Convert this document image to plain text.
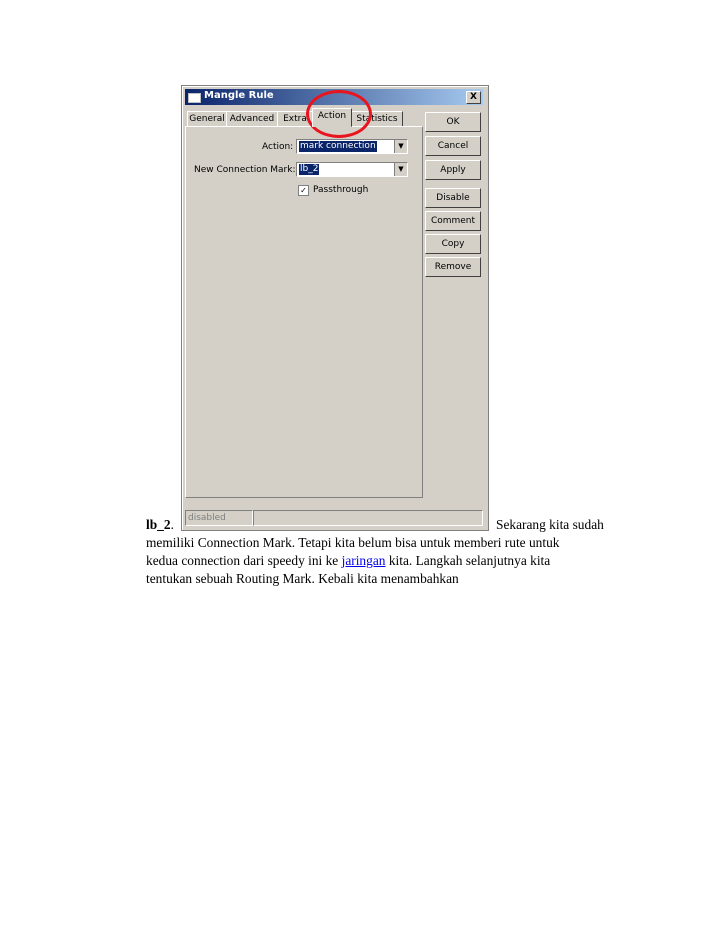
Mangle Rule	X
General Advanced Extra	Action	Statistics
Action: mark connection	▼
New Connection Mark: lb_2	▼
✓ Passthrough
OK
Cancel
Apply
Disable
Comment
Copy
Remove
disabled
lb_2.	Sekarang kita sudah
memiliki Connection Mark. Tetapi kita belum bisa untuk memberi rute untuk
kedua connection dari speedy ini ke jaringan kita. Langkah selanjutnya kita
tentukan sebuah Routing Mark. Kebali kita menambahkan
